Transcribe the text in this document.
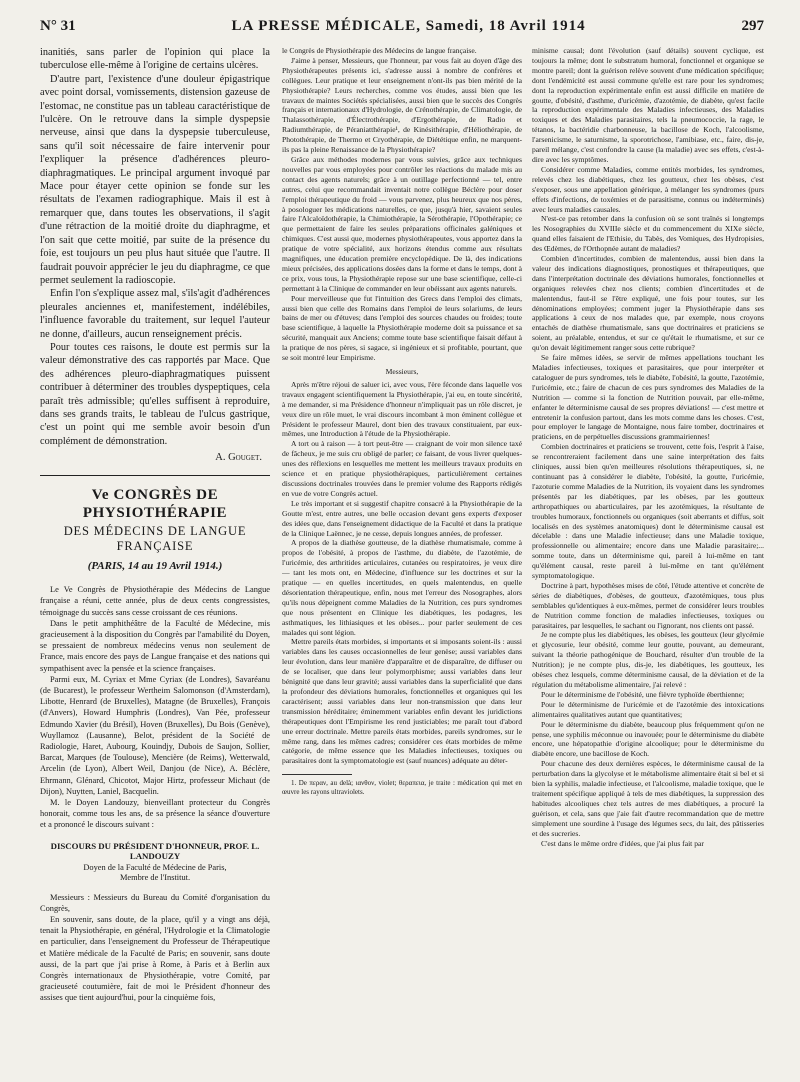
N° 31	LA PRESSE MÉDICALE, Samedi, 18 Avril 1914	297

inanitiés, sans parler de l'opinion qui place la tuberculose elle-même à l'origine de certains ulcères.

D'autre part, l'existence d'une douleur épigastrique avec point dorsal, vomissements, distension gazeuse de l'estomac, ne constitue pas un tableau caractéristique de l'ulcère. On le retrouve dans la simple dyspepsie nerveuse, ainsi que dans la dyspepsie tuberculeuse, sans qu'il soit nécessaire de faire intervenir pour l'expliquer la présence d'adhérences pleuro-diaphragmatiques. Le principal argument invoqué par Mace pour étayer cette opinion se fonde sur les résultats de l'examen radiographique. Mais il est à remarquer que, dans toutes les observations, il s'agit d'une rétraction de la moitié droite du diaphragme, et l'on sait que cette moitié, par suite de la présence du foie, est toujours un peu plus haut située que l'autre. Il faudrait pouvoir apprécier le jeu du diaphragme, ce que permet seulement la radioscopie.

Enfin l'on s'explique assez mal, s'ils'agit d'adhérences pleurales anciennes et, manifestement, indélébiles, l'influence favorable du traitement, sur lequel l'auteur ne donne, d'ailleurs, aucun renseignement précis.

Pour toutes ces raisons, le doute est permis sur la valeur démonstrative des cas rapportés par Mace. Que des adhérences pleuro-diaphragmatiques puissent contribuer à déterminer des troubles dyspeptiques, cela paraît très admissible; qu'elles suffisent à reproduire, dans ses grands traits, le tableau de l'ulcus gastrique, c'est un point qui me semble avoir besoin d'un complément de démonstration.

A. Gouget.
Ve CONGRÈS DE PHYSIOTHÉRAPIE
DES MÉDECINS DE LANGUE FRANÇAISE
(PARIS, 14 au 19 Avril 1914.)

Le Ve Congrès de Physiothérapie des Médecins de Langue française a réuni, cette année, plus de deux cents congressistes, témoignage du succès sans cesse croissant de ces réunions.

Dans le petit amphithéâtre de la Faculté de Médecine, mis gracieusement à la disposition du Congrès par l'amabilité du Doyen, se pressaient de nombreux médecins venus non seulement de France, mais encore des pays de Langue française et des nations qui sympathisent avec la pensée et la science françaises.

Parmi eux, M. Cyriax et Mme Cyriax (de Londres), Savaréanu (de Bucarest), le professeur Wertheim Salomonson (d'Amsterdam), Libotte, Henrard (de Bruxelles), Matagne (de Bruxelles), François (d'Anvers), Howard Humphris (Londres), Van Pée, professeur Edmundo Xavier (du Brésil), Hoven (Bruxelles), Du Bois (Genève), Wuyllamoz (Lausanne), Belot, président de la Société de Radiologie, Haret, Aubourg, Kouindjy, Dubois de Saujon, Sollier, Barcat, Marques (de Toulouse), Mencière (de Reims), Wetterwald, Arcelin (de Lyon), Albert Weil, Danjou (de Nice), A. Béclère, Ehrmann, Glénard, Chicotot, Major Hirtz, professeur Michaut (de Dijon), Nuytten, Laniel, Bacquelin.

M. le Doyen Landouzy, bienveillant protecteur du Congrès honorait, comme tous les ans, de sa présence la séance d'ouverture et a prononcé le discours suivant :

DISCOURS DU PRÉSIDENT D'HONNEUR, PROF. L. LANDOUZY
Doyen de la Faculté de Médecine de Paris,
Membre de l'Institut.

Messieurs : Messieurs du Bureau du Comité d'organisation du Congrès,

En souvenir, sans doute, de la place, qu'il y a vingt ans déjà, tenait la Physiothérapie, en général, l'Hydrologie et la Climatologie en particulier, dans l'enseignement du Professeur de Thérapeutique et Matière médicale de la Faculté de Paris; en souvenir, sans doute aussi, de la part que j'ai prise à Rome, à Paris et à Berlin aux Congrès internationaux de Physiothérapie, votre Comité, par gracieuseté coutumière, fait de moi le Président d'honneur des assises que tient aujourd'hui, pour la cinquième fois,

le Congrès de Physiothérapie des Médecins de langue française.

J'aime à penser, Messieurs, que l'honneur, par vous fait au doyen d'âge des Physiothérapeutes présents ici, s'adresse aussi à nombre de confrères et collègues. Leur pratique et leur enseignement n'ont-ils pas bien mérité de la Physiothérapie? Leurs recherches, comme vos études, aussi bien que les travaux de maintes Sociétés spécialisées, aussi bien que le succès des Congrès français et internationaux d'Hydrologie, de Crénothérapie, de Climatologie, de Thalassothérapie, d'Électrothérapie, d'Ergothérapie, de Radio et Radiumthérapie, de Péraniatthérapie¹, de Kinésithérapie, d'Héliothérapie, de Photothérapie, de Thermo et Cryothérapie, de Diététique enfin, ne marquent-ils pas la pleine Renaissance de la Physiothérapie?

Grâce aux méthodes modernes par vous suivies, grâce aux techniques nouvelles par vous employées pour contrôler les réactions du malade mis au contact des agents naturels; grâce à un outillage perfectionné — tel, entre autres, celui que recommandait inventait notre collègue Béclère pour doser l'emploi thérapeutique du froid — vous parvenez, plus heureux que nos pères, à posologuer les médications naturelles, ce que, jusqu'à hier, savaient seules faire l'Alcaloïdothérapie, la Chimiothérapie, la Sérothérapie, l'Opothérapie; ce que permettaient de faire les seules préparations officinales galéniques et chimiques. C'est aussi que, modernes physiothérapeutes, vous apportez dans la pratique de votre spécialité, aux horizons étendus comme aux résultats magnifiques, une éducation première encyclopédique. De là, des indications mieux précisées, des applications dosées dans la forme et dans le temps, dont à ce prix, vous tous, la Physiothérapie repose sur une base scientifique, celle-ci permettant à la Clinique de commander en leur obéissant aux agents naturels.

Pour merveilleuse que fut l'intuition des Grecs dans l'emploi des climats, aussi bien que celle des Romains dans l'emploi de leurs solariums, de leurs bains de mer ou d'étuves; dans l'emploi des sources chaudes ou froides; toute base scientifique, à laquelle la Physiothérapie moderne doit sa puissance et sa sécurité, manquait aux Anciens; comme toute base scientifique faisait défaut à la pratique de nos pères, si sagace, si ingénieux et si profitable, pourtant, que se soit montré leur Empirisme.

Messieurs,

Après m'être réjoui de saluer ici, avec vous, l'ère féconde dans laquelle vos travaux engagent scientifiquement la Physiothérapie, j'ai eu, en toute sincérité, à me demander, si ma Présidence d'honneur n'impliquait pas un rôle discret, je veux dire un rôle muet, le vrai discours incombant à mon éminent collègue et Président le professeur Maurel, dont bien des travaux constituaient, par eux-mêmes, une Introduction à l'étude de la Physiothérapie.

A tort ou à raison — à tort peut-être — craignant de voir mon silence taxé de fâcheux, je me suis cru obligé de parler; ce faisant, de vous livrer quelques-unes des réflexions en lesquelles me mettent les meilleurs travaux produits en science et en pratique physiothérapiques, particulièrement certaines discussions doctrinales trouvées dans le premier volume des Rapports rédigés en vue de votre Congrès actuel.

Le très important et si suggestif chapitre consacré à la Physiothérapie de la Goutte m'est, entre autres, une belle occasion devant gens experts d'exposer des idées que, dans l'enseignement didactique de la Faculté et dans la pratique de la Clinique Laënnec, je ne cesse, depuis longues années, de professer.

A propos de la diathèse goutteuse, de la diathèse rhumatismale, comme à propos de l'obésité, à propos de l'asthme, du diabète, de l'azotémie, de l'uricémie, des arthritides articulaires, cutanées ou respiratoires, je veux dire — tant les mots ont, en Médecine, d'influence sur les doctrines et sur la pratique — en quelles incertitudes, en quels malentendus, en quelle désorientation thérapeutique, enfin, nous met l'erreur des Nosographes, alors qu'ils nous dépeignent comme Maladies de la Nutrition, ces purs syndromes que nous présentent en Clinique les diabétiques, les podagres, les asthmatiques, les lithiasiques et les obèses... pour parler seulement de ces malades qui sont légion.

Mettre pareils états morbides, si importants et si imposants soient-ils : aussi variables dans les causes occasionnelles de leur genèse; aussi variables dans leur évolution, dans leur manière d'apparaître et de disparaître, de diffuser ou de se localiser, que dans leur polymorphisme; aussi variables dans leur bénignité que dans leur gravité; aussi variables dans la superficialité que dans la profondeur des déviations humorales, fonctionnelles et organiques qui les caractérisent; aussi variables dans leur non-transmission que dans leur transmission héréditaire; éminemment variables enfin devant les juridictions thérapeutiques dont l'Empirisme les rend justiciables; me paraît tout d'abord une erreur doctrinale. Mettre pareils états morbides, pareils syndromes, sur le même rang, dans les mêmes cadres; considérer ces états morbides de même catégorie, de même essence que les Maladies infectieuses, toxiques ou parasitaires dont la symptomatologie est (sauf nuances) adéquate au déter-

1. De περαν, au delà; ιανθον, violet; θεραπεια, je traite : médication qui met en œuvre les rayons ultraviolets.

minisme causal; dont l'évolution (sauf détails) souvent cyclique, est toujours la même; dont le substratum humoral, fonctionnel et organique se montre pareil; dont la guérison relève souvent d'une médication spécifique; dont l'endémicité est aussi commune qu'elle est rare pour les syndromes; dont la reproduction expérimentale enfin est aussi difficile en matière de goutte, d'obésité, d'asthme, d'uricémie, d'azotémie, de diabète, qu'est facile la reproduction expérimentale des Maladies infectieuses, des Maladies toxiques et des Maladies parasitaires, tels la pneumococcie, la rage, le tétanos, la bactéridie charbonneuse, la bacillose de Koch, l'alcoolisme, l'arsenicisme, le saturnisme, la sporotrichose, l'amibiase, etc., faire, dis-je, pareil mélange, c'est confondre la cause (la maladie) avec ses effets, c'est-à-dire avec les symptômes.

Considérer comme Maladies, comme entités morbides, les syndromes, relevés chez les diabétiques, chez les goutteux, chez les obèses, c'est s'exposer, sous une appellation générique, à mélanger les syndromes (purs effets d'infections, de toxémies et de parasitisme, connus ou indéterminés) avec leurs maladies causales.

N'est-ce pas retomber dans la confusion où se sont traînés si longtemps les Nosographies du XVIIIe siècle et du commencement du XIXe siècle, quand elles faisaient de l'Ethisie, du Tabès, des Vomiques, des Hydropisies, des Œdèmes, de l'Orthopnée autant de maladies?

Combien d'incertitudes, combien de malentendus, aussi bien dans la valeur des indications diagnostiques, pronostiques et thérapeutiques, que dans l'interprétation doctrinale des déviations humorales, fonctionnelles et organiques relevées chez nos clients; combien d'incertitudes et de malentendus, faut-il se l'être expliqué, une fois pour toutes, sur les dénominations employées; comment juger la Physiothérapie dans ses applications à ceux de nos malades que, par exemple, nous croyons entachés de diathèse rhumatismale, sans que doctrinaires et praticiens se soient, au préalable, entendus, et sur ce qu'était le rhumatisme, et sur ce qu'on devait légitimement ranger sous cette rubrique?

Se faire mêmes idées, se servir de mêmes appellations touchant les Maladies infectieuses, toxiques et parasitaires, que pour interpréter et cataloguer de purs syndromes, tels le diabète, l'obésité, la goutte, l'azotémie, l'uricémie, etc.; faire de chacun de ces purs syndromes des Maladies de la Nutrition — comme si la fonction de Nutrition pouvait, par elle-même, enfanter le déterminisme causal de ses propres déviations! — c'est mettre et entretenir la confusion partout, dans les mots comme dans les choses. C'est, pour employer le langage de Montaigne, nous faire tomber, doctrinaires et praticiens, en de perpétuelles discussions grammairiennes!

Combien doctrinaires et praticiens se trouvent, cette fois, l'esprit à l'aise, se rencontreraient facilement dans une saine interprétation des faits cliniques, aussi bien qu'en meilleures résolutions thérapeutiques, si, ne continuant pas à considérer le diabète, l'obésité, la goutte, l'uricémie, l'azoturie comme Maladies de la Nutrition, ils voyaient dans les syndromes présentés par les diabétiques, par les obèses, par les goutteux arthropathiques ou abarticulaires, par les azotémiques, la résultante de troubles humoraux, fonctionnels ou organiques (soit aberrants et diffus, soit localisés en des systèmes anatomiques) dont le déterminisme causal est décelable : dans une Maladie infectieuse; dans une Maladie toxique, professionnelle ou alimentaire; encore dans une Maladie parasitaire;... somme toute, dans un déterminisme qui, pareil à lui-même en tant qu'élément causal, reste pareil à lui-même en tant qu'élément symptomatologique.

Doctrine à part, hypothèses mises de côté, l'étude attentive et concrète de séries de diabétiques, d'obèses, de goutteux, d'azotémiques, tous plus semblables qu'identiques à eux-mêmes, permet de considérer leurs troubles de Nutrition comme fonction de maladies infectieuses, toxiques ou parasitaires, par lesquelles, le sachant ou l'ignorant, nos clients ont passé.

Je ne compte plus les diabétiques, les obèses, les goutteux (leur glycémie et glycosurie, leur obésité, comme leur goutte, pouvant, au demeurant, suivant la théorie pathogénique de Bouchard, résulter d'un trouble de la Nutrition); je ne compte plus, dis-je, les diabétiques, les goutteux, les obèses chez lesquels, comme déterminisme causal, de la déviation et de la régulation du métabolisme alimentaire, j'ai relevé :

Pour le déterminisme de l'obésité, une fièvre typhoïde éberthienne;

Pour le déterminisme de l'uricémie et de l'azotémie des intoxications alimentaires qualitatives autant que quantitatives;

Pour le déterminisme du diabète, beaucoup plus fréquemment qu'on ne pense, une syphilis méconnue ou inavouée; pour le déterminisme du diabète encore, une hépatopathie d'origine alcoolique; pour le déterminisme du diabète encore, une bacillose de Koch.

Pour chacune des deux dernières espèces, le déterminisme causal de la perturbation dans la glycolyse et le métabolisme alimentaire était si bel et si bien la syphilis, maladie infectieuse, et l'alcoolisme, maladie toxique, que le traitement spécifique appliqué à tels de mes diabétiques, la suppression des habitudes alcooliques chez tels autres de mes diabétiques, a procuré la guérison, et cela, sans que j'aie fait d'autre recommandation que de mettre simplement une sourdine à l'usage des légumes secs, du lait, des pâtisseries et des sucreries.

C'est dans le même ordre d'idées, que j'ai plus fait par
